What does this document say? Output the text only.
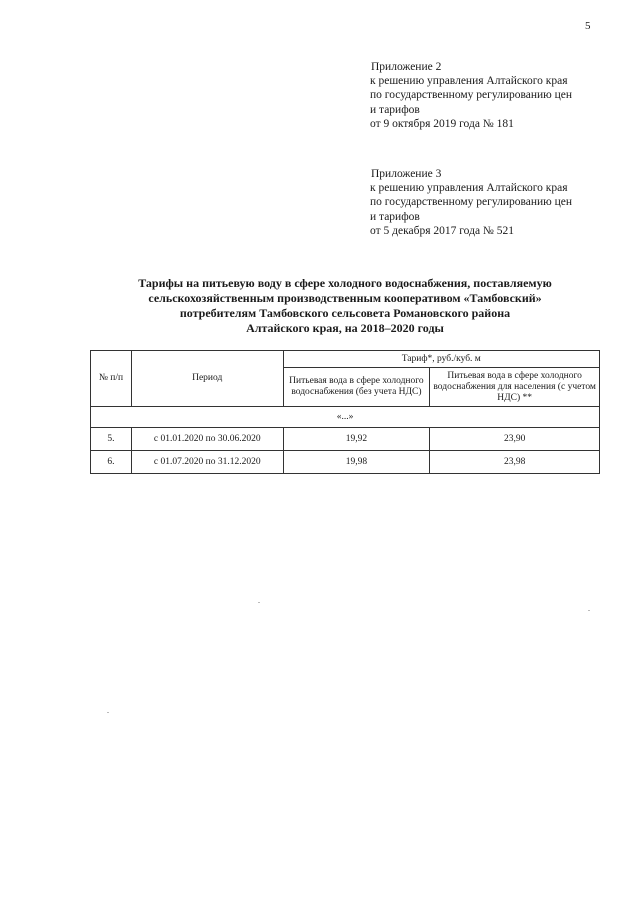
5
Приложение 2
к решению управления Алтайского края
по государственному регулированию цен
и тарифов
от 9 октября 2019 года № 181
Приложение 3
к решению управления Алтайского края
по государственному регулированию цен
и тарифов
от 5 декабря 2017 года № 521
Тарифы на питьевую воду в сфере холодного водоснабжения, поставляемую
сельскохозяйственным производственным кооперативом «Тамбовский»
потребителям Тамбовского сельсовета Романовского района
Алтайского края, на 2018–2020 годы
№ п/п	Период	Тариф*, руб./куб. м	
		Питьевая вода в сфере холодного водоснабжения (без учета НДС)	Питьевая вода в сфере холодного водоснабжения для населения (с учетом НДС) **
«...»			
5.	с 01.01.2020 по 30.06.2020	19,92	23,90
6.	с 01.07.2020 по 31.12.2020	19,98	23,98
